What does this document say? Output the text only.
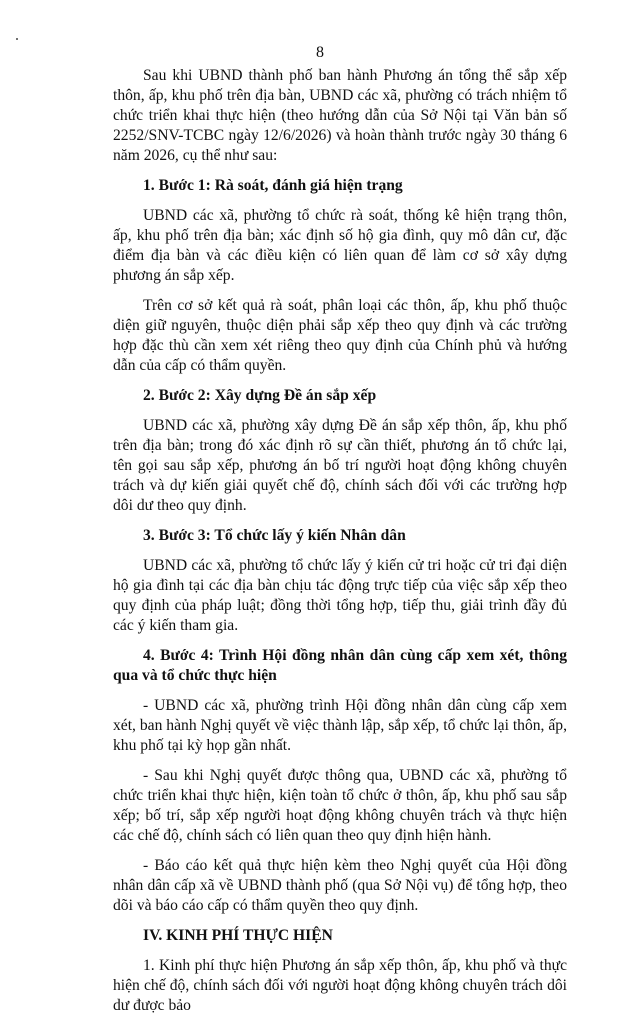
8

Sau khi UBND thành phố ban hành Phương án tổng thể sắp xếp thôn, ấp, khu phố trên địa bàn, UBND các xã, phường có trách nhiệm tổ chức triển khai thực hiện (theo hướng dẫn của Sở Nội tại Văn bản số 2252/SNV-TCBC ngày 12/6/2026) và hoàn thành trước ngày 30 tháng 6 năm 2026, cụ thể như sau:

1. Bước 1: Rà soát, đánh giá hiện trạng

UBND các xã, phường tổ chức rà soát, thống kê hiện trạng thôn, ấp, khu phố trên địa bàn; xác định số hộ gia đình, quy mô dân cư, đặc điểm địa bàn và các điều kiện có liên quan để làm cơ sở xây dựng phương án sắp xếp.

Trên cơ sở kết quả rà soát, phân loại các thôn, ấp, khu phố thuộc diện giữ nguyên, thuộc diện phải sắp xếp theo quy định và các trường hợp đặc thù cần xem xét riêng theo quy định của Chính phủ và hướng dẫn của cấp có thẩm quyền.

2. Bước 2: Xây dựng Đề án sắp xếp

UBND các xã, phường xây dựng Đề án sắp xếp thôn, ấp, khu phố trên địa bàn; trong đó xác định rõ sự cần thiết, phương án tổ chức lại, tên gọi sau sắp xếp, phương án bố trí người hoạt động không chuyên trách và dự kiến giải quyết chế độ, chính sách đối với các trường hợp dôi dư theo quy định.

3. Bước 3: Tổ chức lấy ý kiến Nhân dân

UBND các xã, phường tổ chức lấy ý kiến cử tri hoặc cử tri đại diện hộ gia đình tại các địa bàn chịu tác động trực tiếp của việc sắp xếp theo quy định của pháp luật; đồng thời tổng hợp, tiếp thu, giải trình đầy đủ các ý kiến tham gia.

4. Bước 4: Trình Hội đồng nhân dân cùng cấp xem xét, thông qua và tổ chức thực hiện

- UBND các xã, phường trình Hội đồng nhân dân cùng cấp xem xét, ban hành Nghị quyết về việc thành lập, sắp xếp, tổ chức lại thôn, ấp, khu phố tại kỳ họp gần nhất.

- Sau khi Nghị quyết được thông qua, UBND các xã, phường tổ chức triển khai thực hiện, kiện toàn tổ chức ở thôn, ấp, khu phố sau sắp xếp; bố trí, sắp xếp người hoạt động không chuyên trách và thực hiện các chế độ, chính sách có liên quan theo quy định hiện hành.

- Báo cáo kết quả thực hiện kèm theo Nghị quyết của Hội đồng nhân dân cấp xã về UBND thành phố (qua Sở Nội vụ) để tổng hợp, theo dõi và báo cáo cấp có thẩm quyền theo quy định.

IV. KINH PHÍ THỰC HIỆN

1. Kinh phí thực hiện Phương án sắp xếp thôn, ấp, khu phố và thực hiện chế độ, chính sách đối với người hoạt động không chuyên trách dôi dư được bảo
